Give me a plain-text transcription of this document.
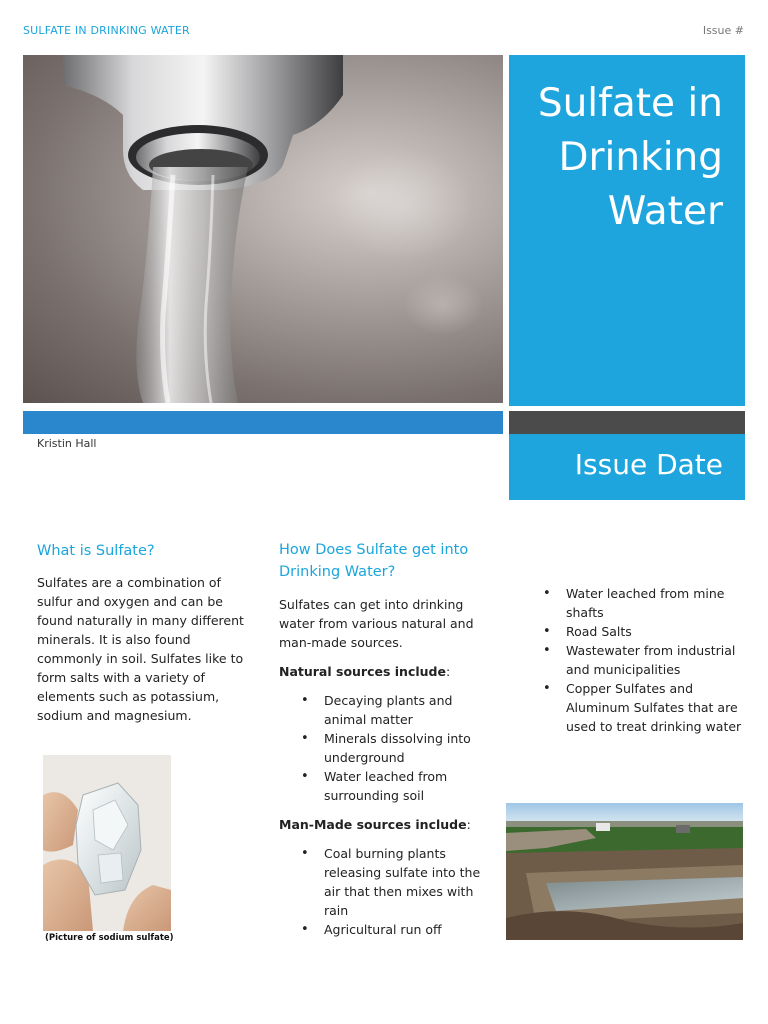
SULFATE IN DRINKING WATER	Issue #
Sulfate in Drinking Water
Kristin Hall
Issue Date
What is Sulfate?

Sulfates are a combination of sulfur and oxygen and can be found naturally in many different minerals. It is also found commonly in soil. Sulfates like to form salts with a variety of elements such as potassium, sodium and magnesium.

(Picture of sodium sulfate)
How Does Sulfate get into Drinking Water?

Sulfates can get into drinking water from various natural and man-made sources.

Natural sources include:

• Decaying plants and animal matter
• Minerals dissolving into underground
• Water leached from surrounding soil

Man-Made sources include:

• Coal burning plants releasing sulfate into the air that then mixes with rain
• Agricultural run off
• Water leached from mine shafts
• Road Salts
• Wastewater from industrial and municipalities
• Copper Sulfates and Aluminum Sulfates that are used to treat drinking water
